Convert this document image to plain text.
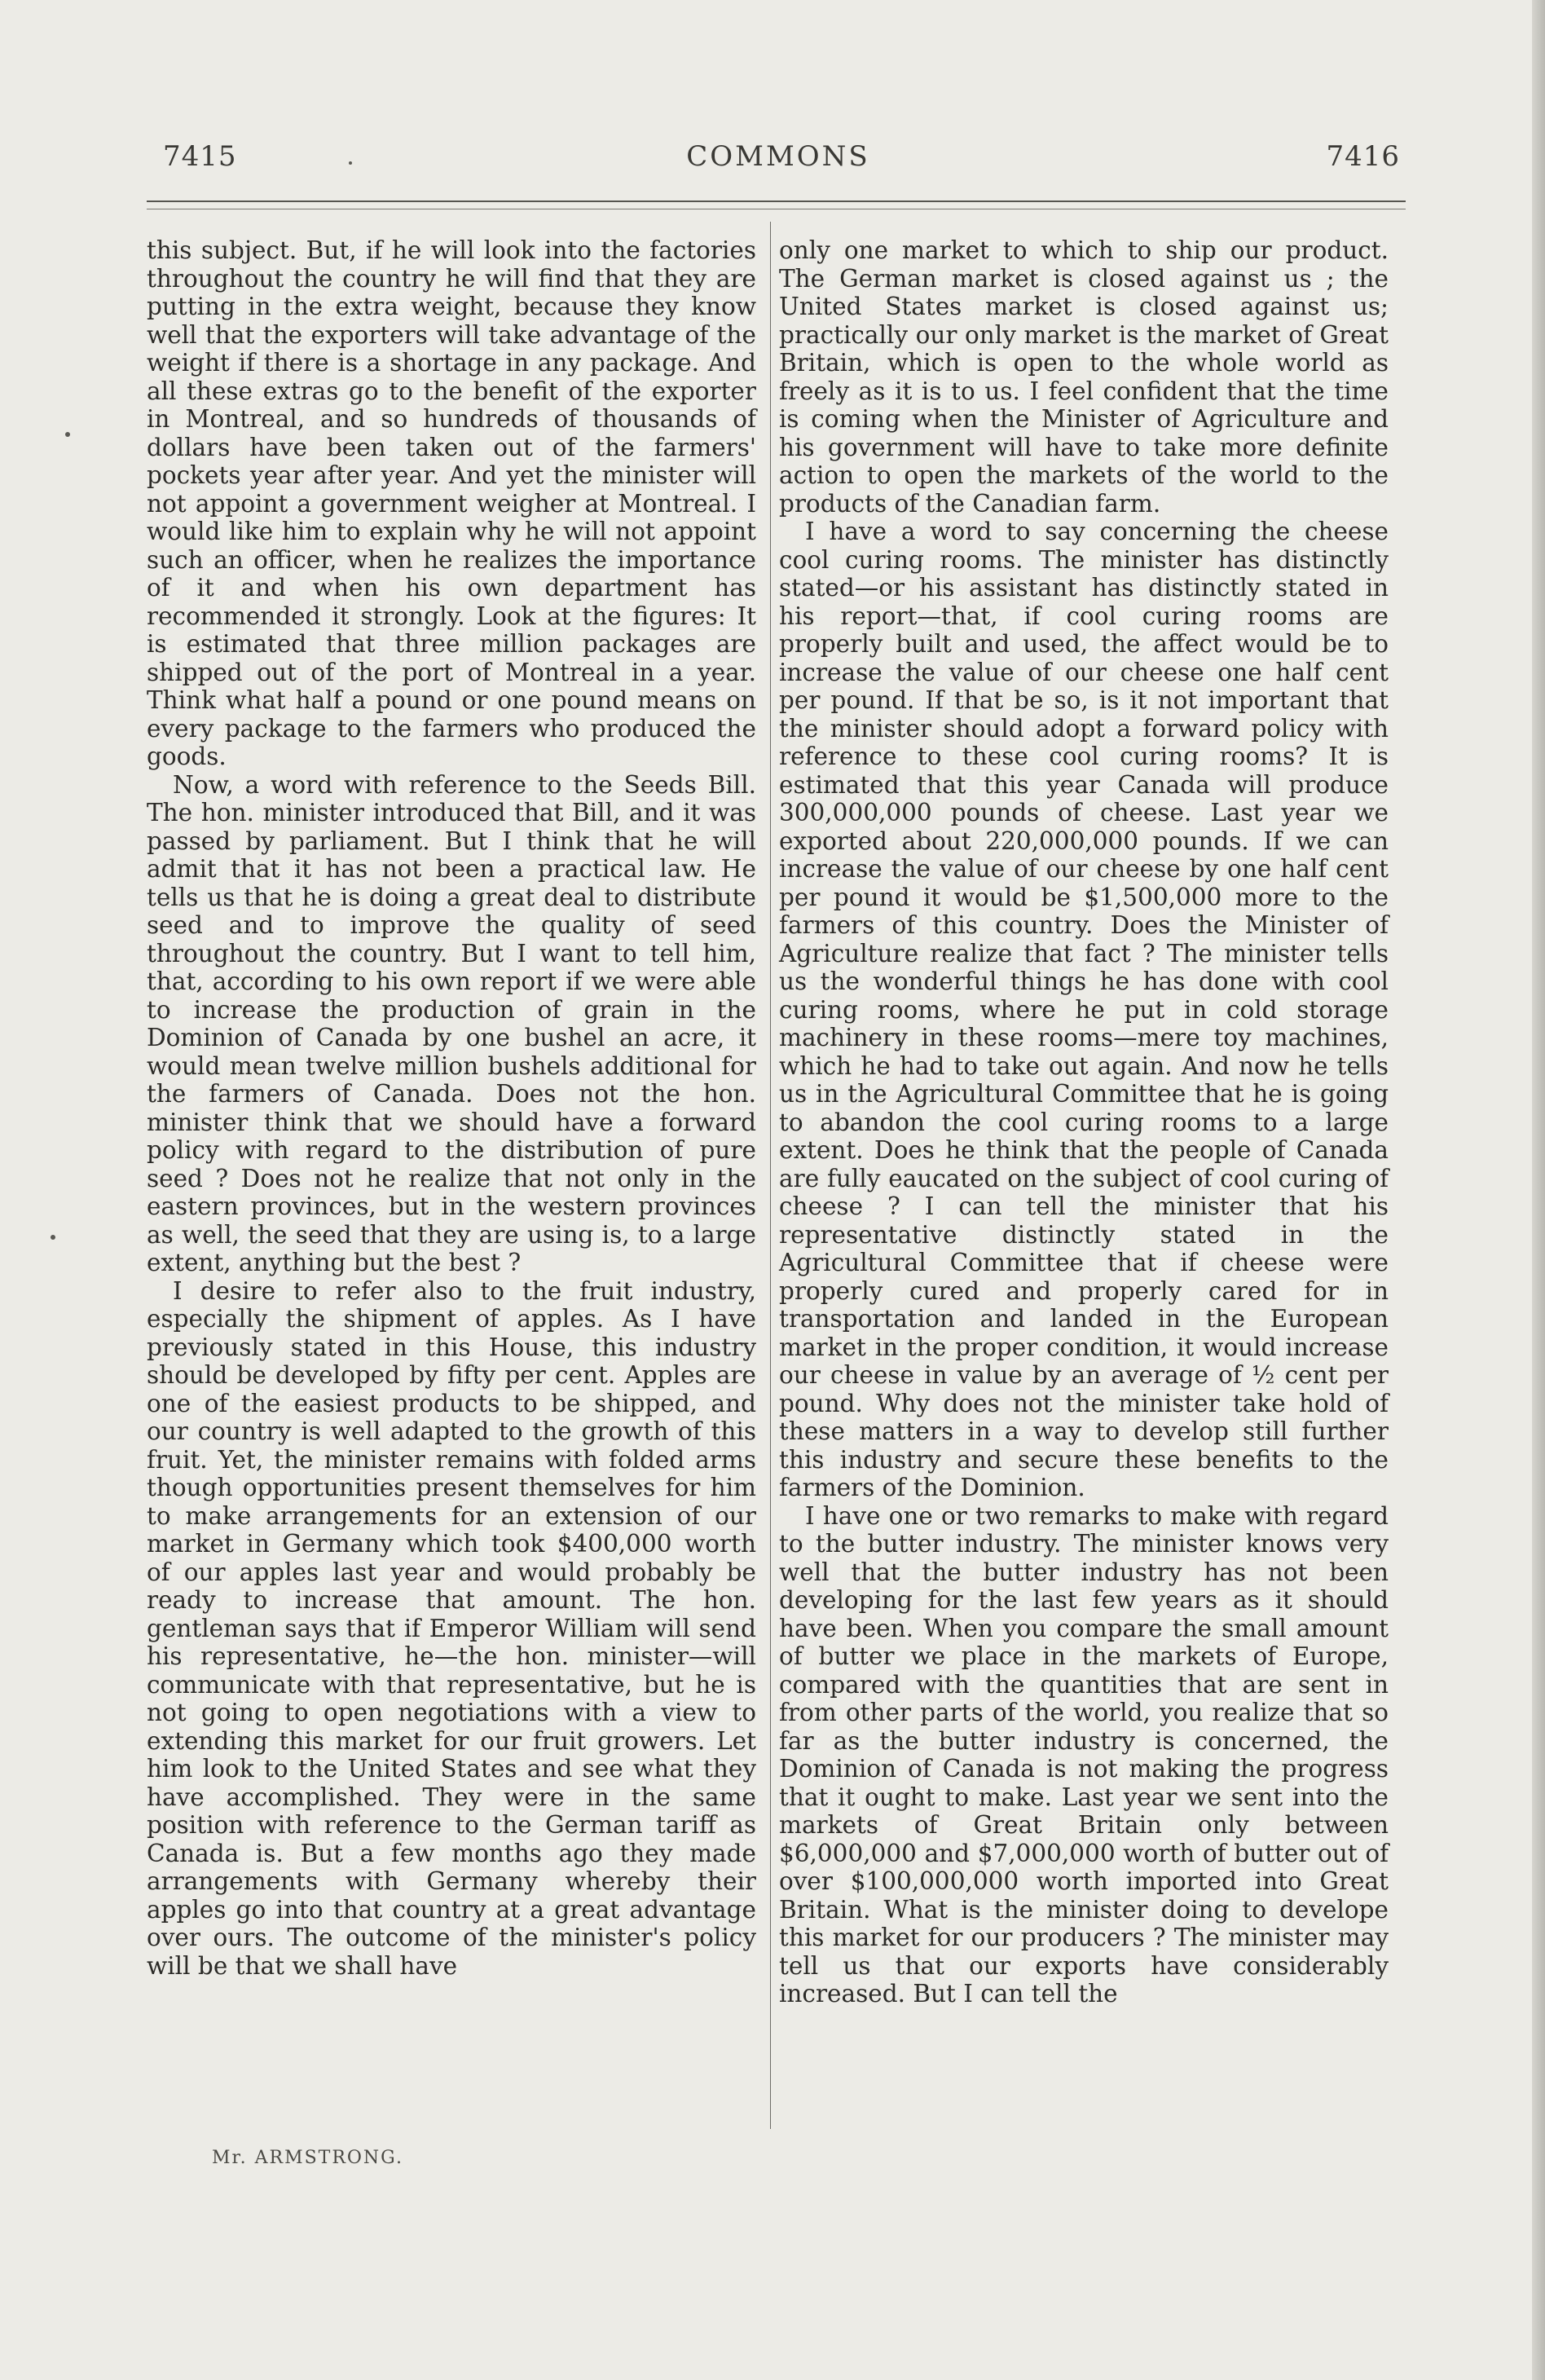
7415	COMMONS	7416

this subject. But, if he will look into the factories throughout the country he will find that they are putting in the extra weight, because they know well that the exporters will take advantage of the weight if there is a shortage in any package. And all these extras go to the benefit of the exporter in Montreal, and so hundreds of thousands of dollars have been taken out of the farmers' pockets year after year. And yet the minister will not appoint a government weigher at Montreal. I would like him to explain why he will not appoint such an officer, when he realizes the importance of it and when his own department has recommended it strongly. Look at the figures: It is estimated that three million packages are shipped out of the port of Montreal in a year. Think what half a pound or one pound means on every package to the farmers who produced the goods.

Now, a word with reference to the Seeds Bill. The hon. minister introduced that Bill, and it was passed by parliament. But I think that he will admit that it has not been a practical law. He tells us that he is doing a great deal to distribute seed and to improve the quality of seed throughout the country. But I want to tell him, that, according to his own report if we were able to increase the production of grain in the Dominion of Canada by one bushel an acre, it would mean twelve million bushels additional for the farmers of Canada. Does not the hon. minister think that we should have a forward policy with regard to the distribution of pure seed ? Does not he realize that not only in the eastern provinces, but in the western provinces as well, the seed that they are using is, to a large extent, anything but the best ?

I desire to refer also to the fruit industry, especially the shipment of apples. As I have previously stated in this House, this industry should be developed by fifty per cent. Apples are one of the easiest products to be shipped, and our country is well adapted to the growth of this fruit. Yet, the minister remains with folded arms though opportunities present themselves for him to make arrangements for an extension of our market in Germany which took $400,000 worth of our apples last year and would probably be ready to increase that amount. The hon. gentleman says that if Emperor William will send his representative, he—the hon. minister—will communicate with that representative, but he is not going to open negotiations with a view to extending this market for our fruit growers. Let him look to the United States and see what they have accomplished. They were in the same position with reference to the German tariff as Canada is. But a few months ago they made arrangements with Germany whereby their apples go into that country at a great advantage over ours. The outcome of the minister's policy will be that we shall have

only one market to which to ship our product. The German market is closed against us ; the United States market is closed against us; practically our only market is the market of Great Britain, which is open to the whole world as freely as it is to us. I feel confident that the time is coming when the Minister of Agriculture and his government will have to take more definite action to open the markets of the world to the products of the Canadian farm.

I have a word to say concerning the cheese cool curing rooms. The minister has distinctly stated—or his assistant has distinctly stated in his report—that, if cool curing rooms are properly built and used, the affect would be to increase the value of our cheese one half cent per pound. If that be so, is it not important that the minister should adopt a forward policy with reference to these cool curing rooms? It is estimated that this year Canada will produce 300,000,000 pounds of cheese. Last year we exported about 220,000,000 pounds. If we can increase the value of our cheese by one half cent per pound it would be $1,500,000 more to the farmers of this country. Does the Minister of Agriculture realize that fact ? The minister tells us the wonderful things he has done with cool curing rooms, where he put in cold storage machinery in these rooms—mere toy machines, which he had to take out again. And now he tells us in the Agricultural Committee that he is going to abandon the cool curing rooms to a large extent. Does he think that the people of Canada are fully eaucated on the subject of cool curing of cheese ? I can tell the minister that his representative distinctly stated in the Agricultural Committee that if cheese were properly cured and properly cared for in transportation and landed in the European market in the proper condition, it would increase our cheese in value by an average of ½ cent per pound. Why does not the minister take hold of these matters in a way to develop still further this industry and secure these benefits to the farmers of the Dominion.

I have one or two remarks to make with regard to the butter industry. The minister knows very well that the butter industry has not been developing for the last few years as it should have been. When you compare the small amount of butter we place in the markets of Europe, compared with the quantities that are sent in from other parts of the world, you realize that so far as the butter industry is concerned, the Dominion of Canada is not making the progress that it ought to make. Last year we sent into the markets of Great Britain only between $6,000,000 and $7,000,000 worth of butter out of over $100,000,000 worth imported into Great Britain. What is the minister doing to develope this market for our producers ? The minister may tell us that our exports have considerably increased. But I can tell the

Mr. ARMSTRONG.
